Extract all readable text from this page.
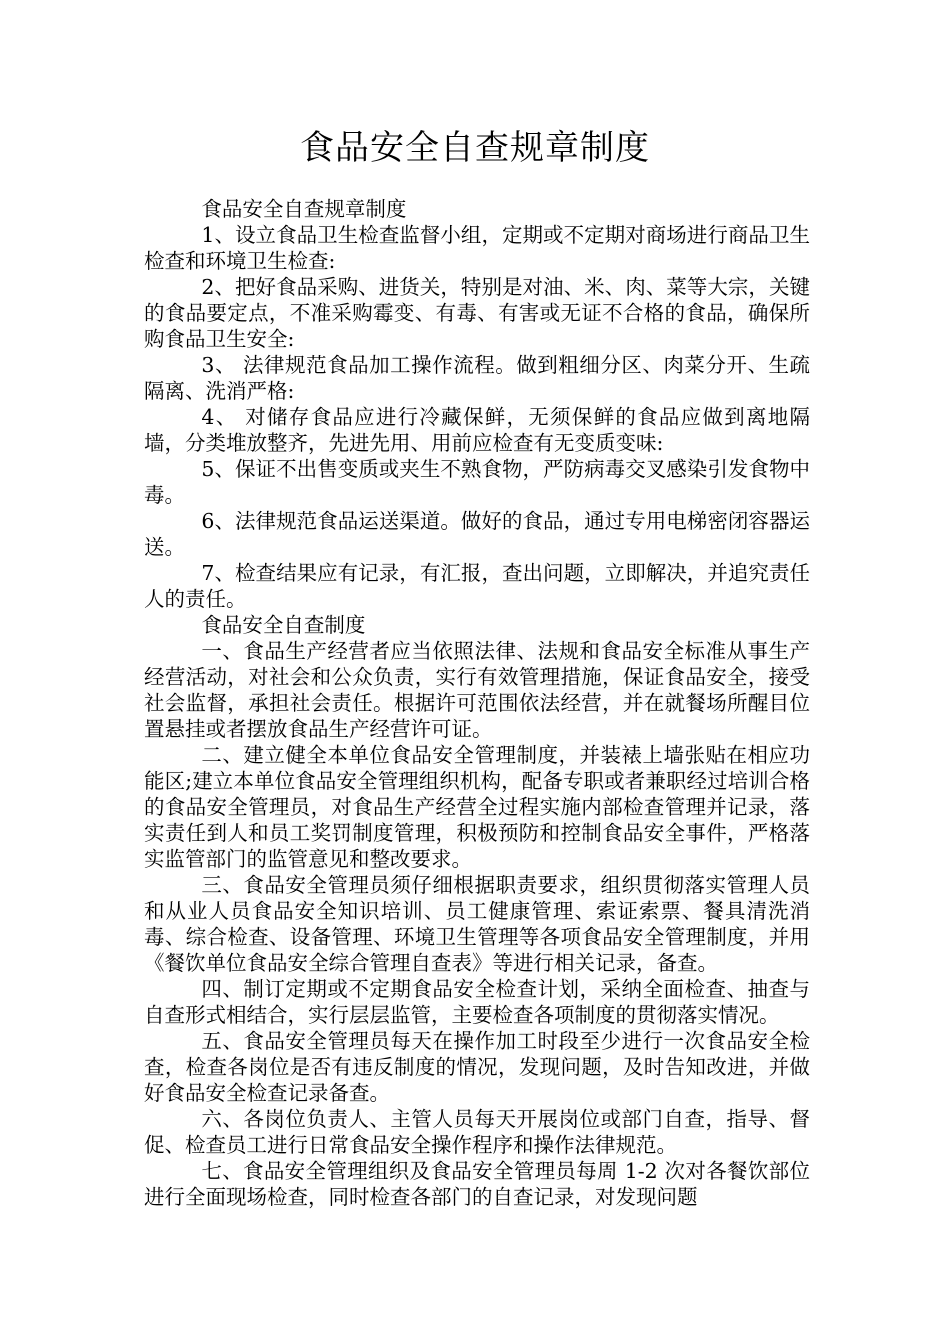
食品安全自查规章制度

食品安全自查规章制度

1、设立食品卫生检查监督小组，定期或不定期对商场进行商品卫生检查和环境卫生检查:

2、把好食品采购、进货关，特别是对油、米、肉、菜等大宗，关键的食品要定点，不准采购霉变、有毒、有害或无证不合格的食品，确保所购食品卫生安全:

3、 法律规范食品加工操作流程。做到粗细分区、肉菜分开、生疏隔离、洗消严格:

4、 对储存食品应进行冷藏保鲜，无须保鲜的食品应做到离地隔墙，分类堆放整齐，先进先用、用前应检查有无变质变味:

5、保证不出售变质或夹生不熟食物，严防病毒交叉感染引发食物中毒。

6、法律规范食品运送渠道。做好的食品，通过专用电梯密闭容器运送。

7、检查结果应有记录，有汇报，查出问题，立即解决，并追究责任人的责任。

食品安全自查制度

一、食品生产经营者应当依照法律、法规和食品安全标准从事生产经营活动，对社会和公众负责，实行有效管理措施，保证食品安全，接受社会监督，承担社会责任。根据许可范围依法经营，并在就餐场所醒目位置悬挂或者摆放食品生产经营许可证。

二、建立健全本单位食品安全管理制度，并装裱上墙张贴在相应功能区;建立本单位食品安全管理组织机构，配备专职或者兼职经过培训合格的食品安全管理员，对食品生产经营全过程实施内部检查管理并记录，落实责任到人和员工奖罚制度管理，积极预防和控制食品安全事件，严格落实监管部门的监管意见和整改要求。

三、食品安全管理员须仔细根据职责要求，组织贯彻落实管理人员和从业人员食品安全知识培训、员工健康管理、索证索票、餐具清洗消毒、综合检查、设备管理、环境卫生管理等各项食品安全管理制度，并用《餐饮单位食品安全综合管理自查表》等进行相关记录，备查。

四、制订定期或不定期食品安全检查计划，采纳全面检查、抽查与自查形式相结合，实行层层监管，主要检查各项制度的贯彻落实情况。

五、食品安全管理员每天在操作加工时段至少进行一次食品安全检查，检查各岗位是否有违反制度的情况，发现问题，及时告知改进，并做好食品安全检查记录备查。

六、各岗位负责人、主管人员每天开展岗位或部门自查，指导、督促、检查员工进行日常食品安全操作程序和操作法律规范。

七、食品安全管理组织及食品安全管理员每周 1-2 次对各餐饮部位进行全面现场检查，同时检查各部门的自查记录，对发现问题
